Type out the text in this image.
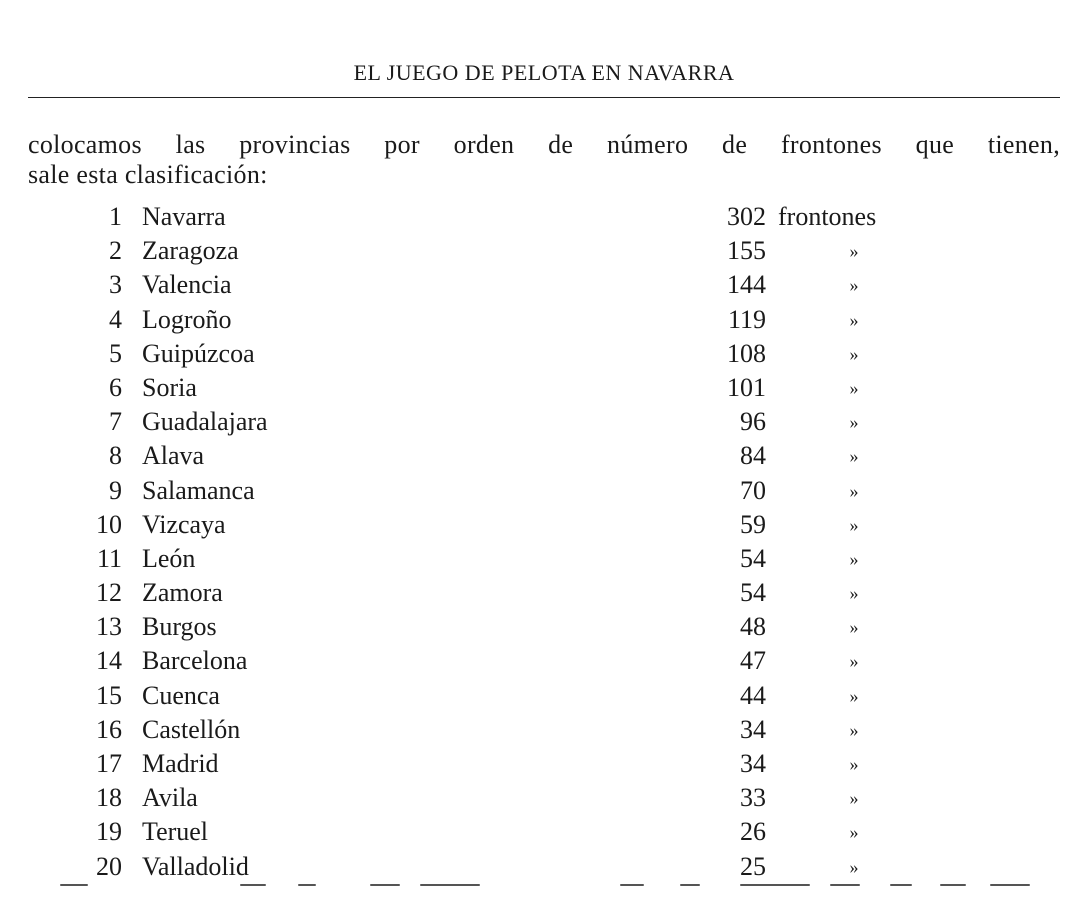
EL JUEGO DE PELOTA EN NAVARRA
colocamos las provincias por orden de número de frontones que tienen,
sale esta clasificación:
1 Navarra	302 frontones
2 Zaragoza	155	»
3 Valencia	144	»
4 Logroño	119	»
5 Guipúzcoa	108	»
6 Soria	101	»
7 Guadalajara	96	»
8 Alava	84	»
9 Salamanca	70	»
10 Vizcaya	59	»
11 León	54	»
12 Zamora	54	»
13 Burgos	48	»
14 Barcelona	47	»
15 Cuenca	44	»
16 Castellón	34	»
17 Madrid	34	»
18 Avila	33	»
19 Teruel	26	»
20 Valladolid	25	»
